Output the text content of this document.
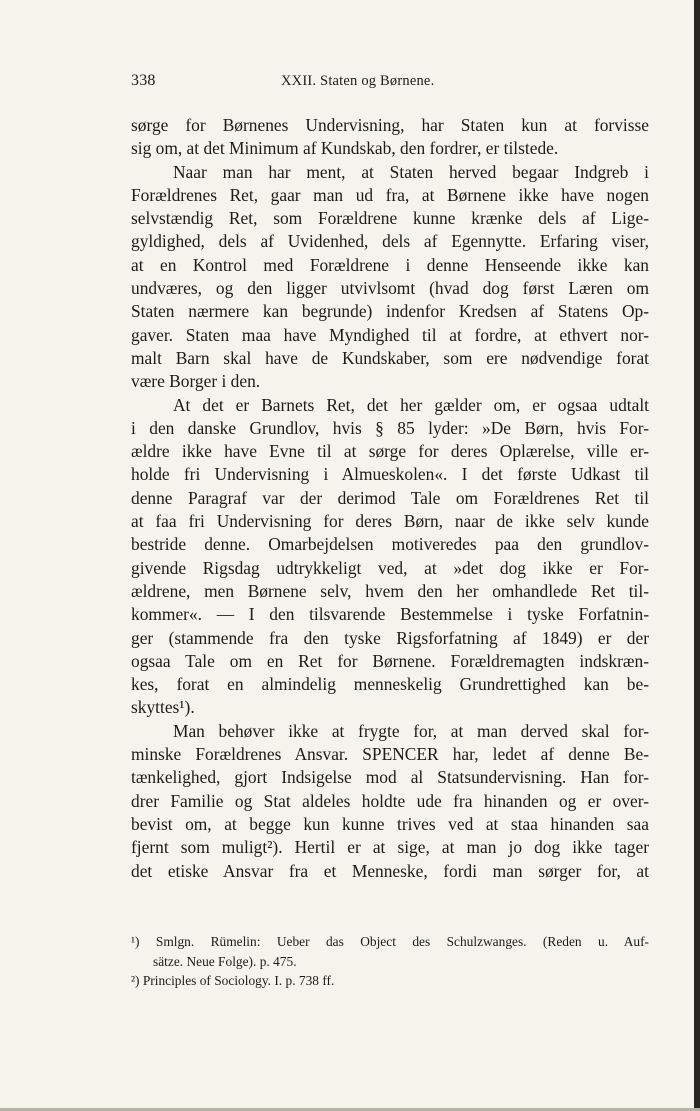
338	XXII. Staten og Børnene.
sørge for Børnenes Undervisning, har Staten kun at forvisse
sig om, at det Minimum af Kundskab, den fordrer, er tilstede.
Naar man har ment, at Staten herved begaar Indgreb i
Forældrenes Ret, gaar man ud fra, at Børnene ikke have nogen
selvstændig Ret, som Forældrene kunne krænke dels af Lige-
gyldighed, dels af Uvidenhed, dels af Egennytte. Erfaring viser,
at en Kontrol med Forældrene i denne Henseende ikke kan
undværes, og den ligger utvivlsomt (hvad dog først Læren om
Staten nærmere kan begrunde) indenfor Kredsen af Statens Op-
gaver. Staten maa have Myndighed til at fordre, at ethvert nor-
malt Barn skal have de Kundskaber, som ere nødvendige forat
være Borger i den.
At det er Barnets Ret, det her gælder om, er ogsaa udtalt
i den danske Grundlov, hvis § 85 lyder: »De Børn, hvis For-
ældre ikke have Evne til at sørge for deres Oplærelse, ville er-
holde fri Undervisning i Almueskolen«. I det første Udkast til
denne Paragraf var der derimod Tale om Forældrenes Ret til
at faa fri Undervisning for deres Børn, naar de ikke selv kunde
bestride denne. Omarbejdelsen motiveredes paa den grundlov-
givende Rigsdag udtrykkeligt ved, at »det dog ikke er For-
ældrene, men Børnene selv, hvem den her omhandlede Ret til-
kommer«. — I den tilsvarende Bestemmelse i tyske Forfatnin-
ger (stammende fra den tyske Rigsforfatning af 1849) er der
ogsaa Tale om en Ret for Børnene. Forældremagten indskræn-
kes, forat en almindelig menneskelig Grundrettighed kan be-
skyttes¹).
Man behøver ikke at frygte for, at man derved skal for-
minske Forældrenes Ansvar. SPENCER har, ledet af denne Be-
tænkelighed, gjort Indsigelse mod al Statsundervisning. Han for-
drer Familie og Stat aldeles holdte ude fra hinanden og er over-
bevist om, at begge kun kunne trives ved at staa hinanden saa
fjernt som muligt²). Hertil er at sige, at man jo dog ikke tager
det etiske Ansvar fra et Menneske, fordi man sørger for, at
¹) Smlgn. Rümelin: Ueber das Object des Schulzwanges. (Reden u. Auf-
sätze. Neue Folge). p. 475.
²) Principles of Sociology. I. p. 738 ff.
